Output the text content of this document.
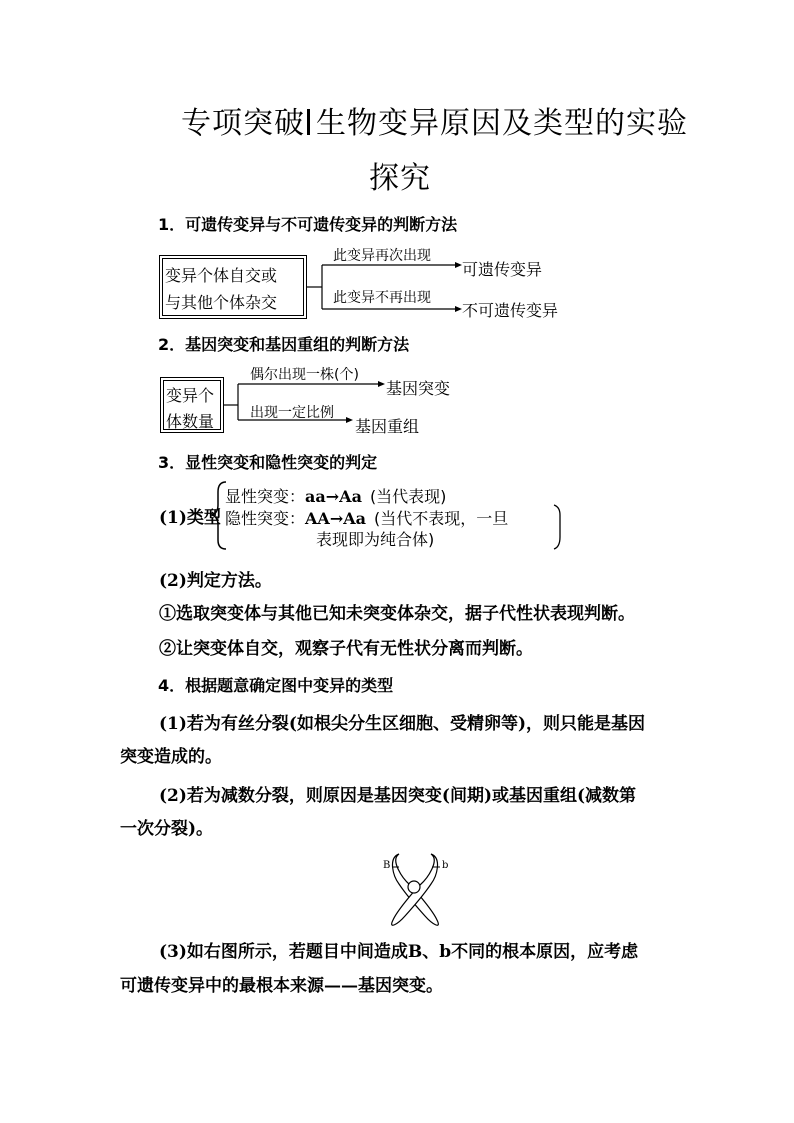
专项突破 生物变异原因及类型的实验
探究
1．可遗传变异与不可遗传变异的判断方法
变异个体自交或
与其他个体杂交
此变异再次出现
可遗传变异
此变异不再出现
不可遗传变异
2．基因突变和基因重组的判断方法
变异个
体数量
偶尔出现一株(个)
基因突变
出现一定比例
基因重组
3．显性突变和隐性突变的判定
(1)类型
显性突变：aa→Aa (当代表现)
隐性突变：AA→Aa (当代不表现，一旦
表现即为纯合体)
(2)判定方法。
①选取突变体与其他已知未突变体杂交，据子代性状表现判断。
②让突变体自交，观察子代有无性状分离而判断。
4．根据题意确定图中变异的类型
(1)若为有丝分裂(如根尖分生区细胞、受精卵等)，则只能是基因
突变造成的。
(2)若为减数分裂，则原因是基因突变(间期)或基因重组(减数第
一次分裂)。
B	b
(3)如右图所示，若题目中间造成B、b不同的根本原因，应考虑
可遗传变异中的最根本来源——基因突变。
